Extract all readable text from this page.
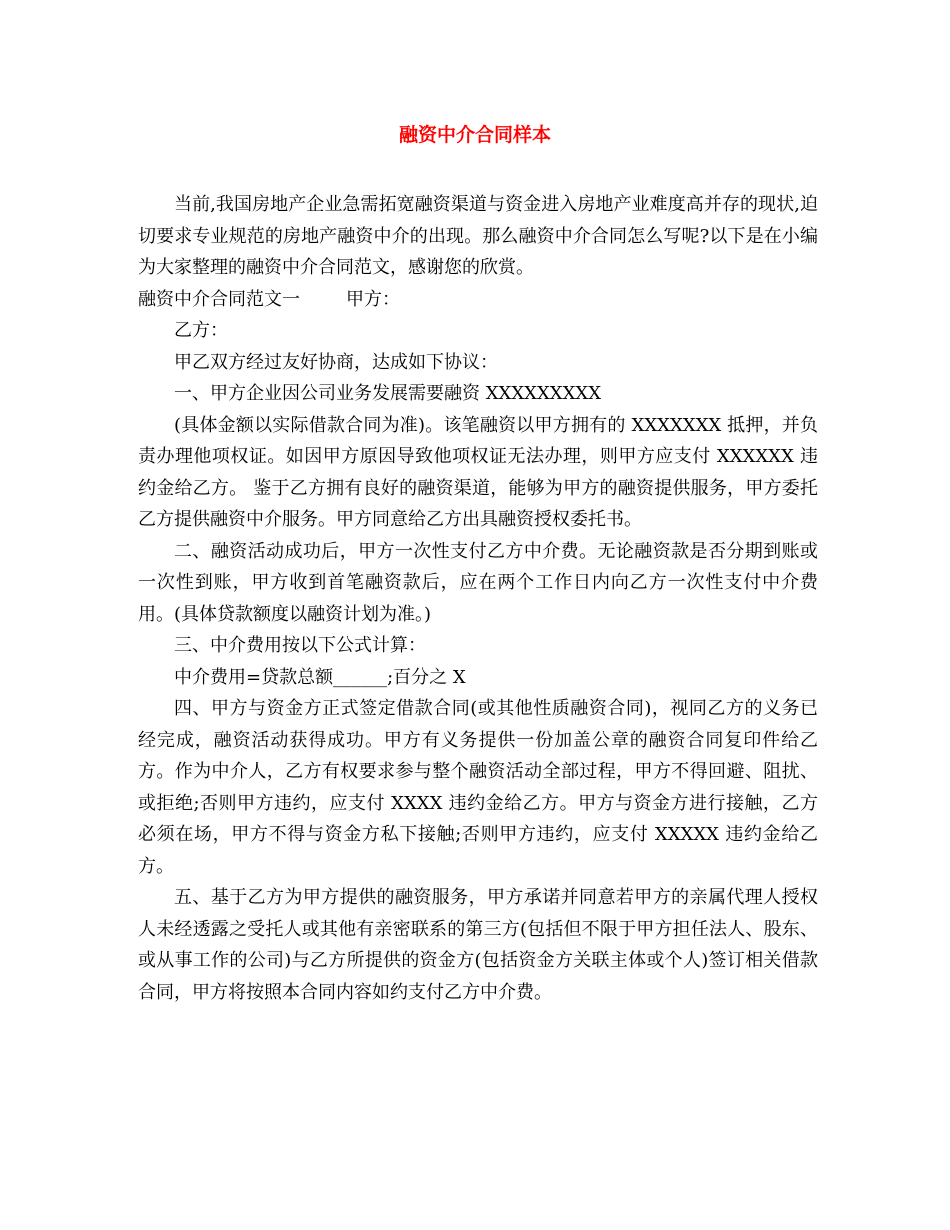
融资中介合同样本

当前,我国房地产企业急需拓宽融资渠道与资金进入房地产业难度高并存的现状,迫切要求专业规范的房地产融资中介的出现。那么融资中介合同怎么写呢?以下是在小编为大家整理的融资中介合同范文，感谢您的欣赏。

融资中介合同范文一	甲方：

乙方：

甲乙双方经过友好协商，达成如下协议：

一、甲方企业因公司业务发展需要融资 XXXXXXXXX

(具体金额以实际借款合同为准)。该笔融资以甲方拥有的 XXXXXXX 抵押，并负责办理他项权证。如因甲方原因导致他项权证无法办理，则甲方应支付 XXXXXX 违约金给乙方。 鉴于乙方拥有良好的融资渠道，能够为甲方的融资提供服务，甲方委托乙方提供融资中介服务。甲方同意给乙方出具融资授权委托书。

二、融资活动成功后，甲方一次性支付乙方中介费。无论融资款是否分期到账或一次性到账，甲方收到首笔融资款后，应在两个工作日内向乙方一次性支付中介费用。(具体贷款额度以融资计划为准。)

三、中介费用按以下公式计算：

中介费用=贷款总额______;百分之 X

四、甲方与资金方正式签定借款合同(或其他性质融资合同)，视同乙方的义务已经完成，融资活动获得成功。甲方有义务提供一份加盖公章的融资合同复印件给乙方。作为中介人，乙方有权要求参与整个融资活动全部过程，甲方不得回避、阻扰、或拒绝;否则甲方违约，应支付 XXXX 违约金给乙方。甲方与资金方进行接触，乙方必须在场，甲方不得与资金方私下接触;否则甲方违约，应支付 XXXXX 违约金给乙方。

五、基于乙方为甲方提供的融资服务，甲方承诺并同意若甲方的亲属代理人授权人未经透露之受托人或其他有亲密联系的第三方(包括但不限于甲方担任法人、股东、或从事工作的公司)与乙方所提供的资金方(包括资金方关联主体或个人)签订相关借款合同，甲方将按照本合同内容如约支付乙方中介费。
